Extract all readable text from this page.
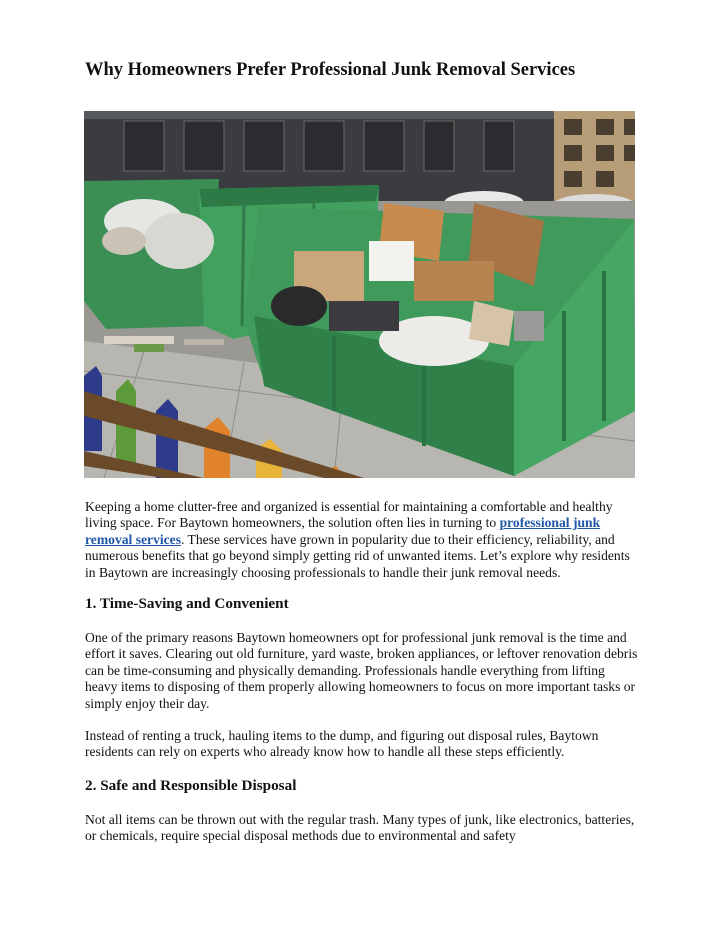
Why Homeowners Prefer Professional Junk Removal Services

Keeping a home clutter-free and organized is essential for maintaining a comfortable and healthy living space. For Baytown homeowners, the solution often lies in turning to professional junk removal services. These services have grown in popularity due to their efficiency, reliability, and numerous benefits that go beyond simply getting rid of unwanted items. Let’s explore why residents in Baytown are increasingly choosing professionals to handle their junk removal needs.

1. Time-Saving and Convenient

One of the primary reasons Baytown homeowners opt for professional junk removal is the time and effort it saves. Clearing out old furniture, yard waste, broken appliances, or leftover renovation debris can be time-consuming and physically demanding. Professionals handle everything from lifting heavy items to disposing of them properly allowing homeowners to focus on more important tasks or simply enjoy their day.

Instead of renting a truck, hauling items to the dump, and figuring out disposal rules, Baytown residents can rely on experts who already know how to handle all these steps efficiently.

2. Safe and Responsible Disposal

Not all items can be thrown out with the regular trash. Many types of junk, like electronics, batteries, or chemicals, require special disposal methods due to environmental and safety
